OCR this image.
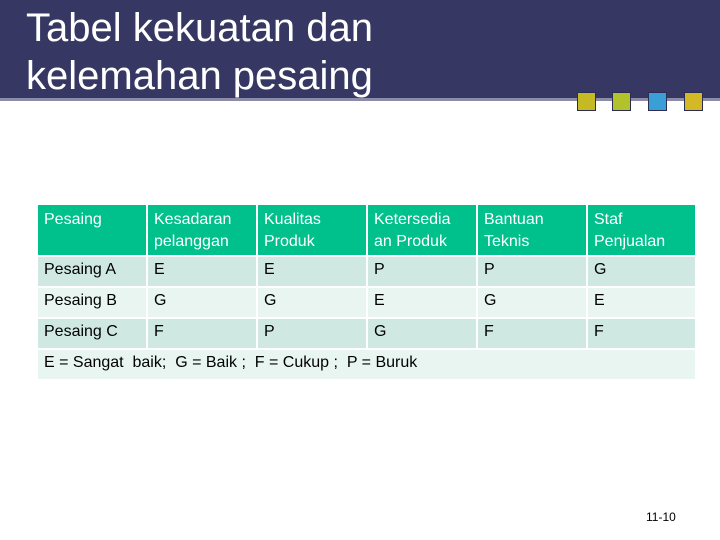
Tabel kekuatan dan
kelemahan pesaing
Pesaing	Kesadaran pelanggan	Kualitas Produk	Ketersedia an Produk	Bantuan Teknis	Staf Penjualan
Pesaing A	E	E	P	P	G
Pesaing B	G	G	E	G	E
Pesaing C	F	P	G	F	F
E = Sangat  baik;  G = Baik ;  F = Cukup ;  P = Buruk					
11-10
